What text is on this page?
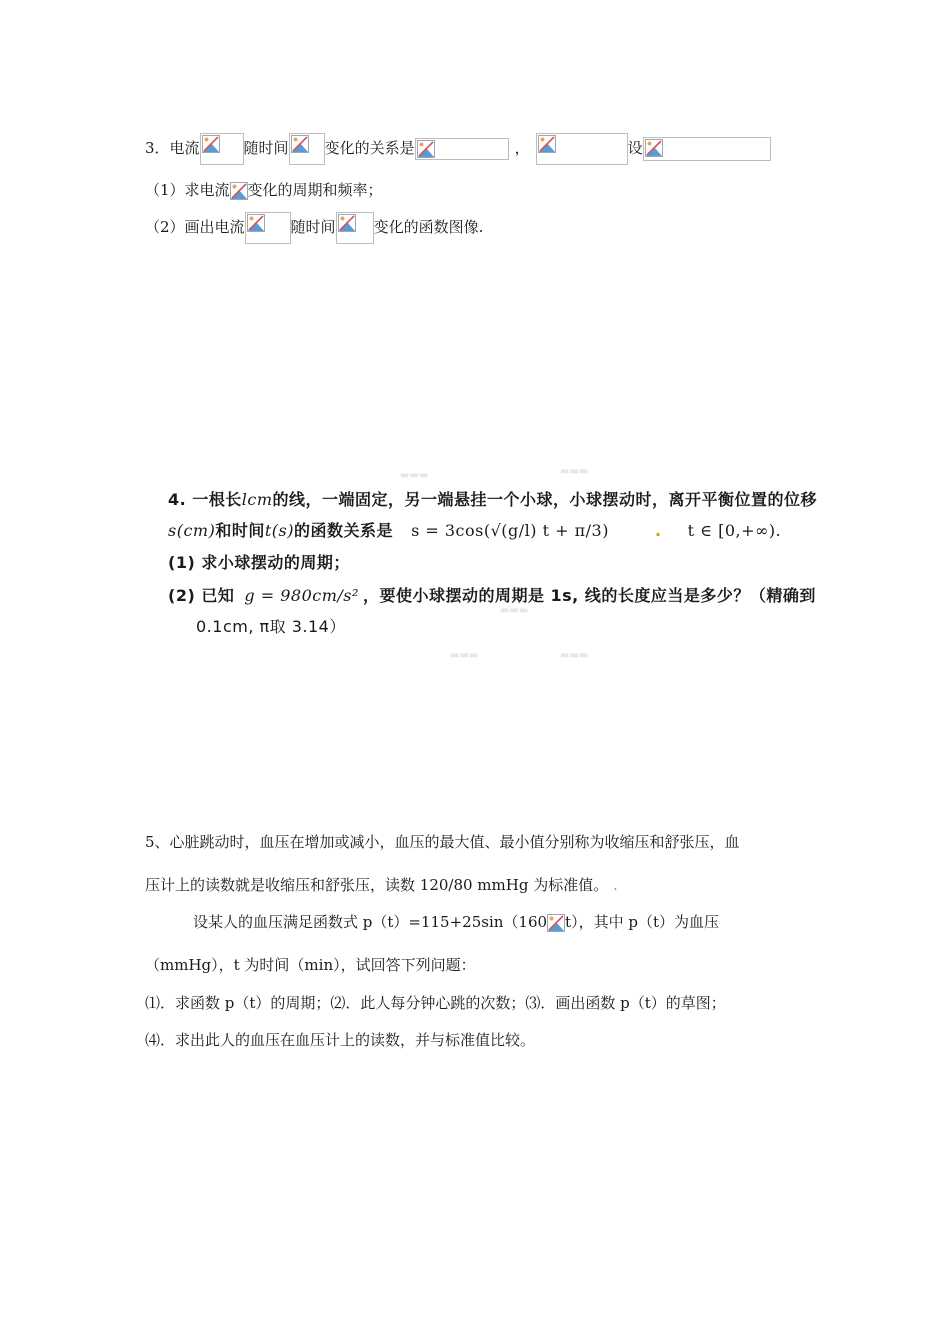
3．电流	随时间 变化的关系是	，	设
（1）求电流 变化的周期和频率；
（2）画出电流	随时间	变化的函数图像.
4. 一根长lcm的线，一端固定，另一端悬挂一个小球，小球摆动时，离开平衡位置的位移
s(cm)和时间t(s)的函数关系是 s = 3cos(√(g/l) t + π/3)	. t ∈ [0,+∞).
(1) 求小球摆动的周期；
(2) 已知 g = 980cm/s² ，要使小球摆动的周期是 1s, 线的长度应当是多少？（精确到
0.1cm, π取 3.14）
▬▬▬	▬▬▬
▬▬▬	▬▬▬
▬▬▬
5、心脏跳动时，血压在增加或减小，血压的最大值、最小值分别称为收缩压和舒张压，血
压计上的读数就是收缩压和舒张压，读数 120/80 mmHg 为标准值。 .
设某人的血压满足函数式 p（t）=115+25sin（160 t），其中 p（t）为血压
（mmHg），t 为时间（min），试回答下列问题：
⑴．求函数 p（t）的周期；⑵．此人每分钟心跳的次数；⑶．画出函数 p（t）的草图；
⑷．求出此人的血压在血压计上的读数，并与标准值比较。
